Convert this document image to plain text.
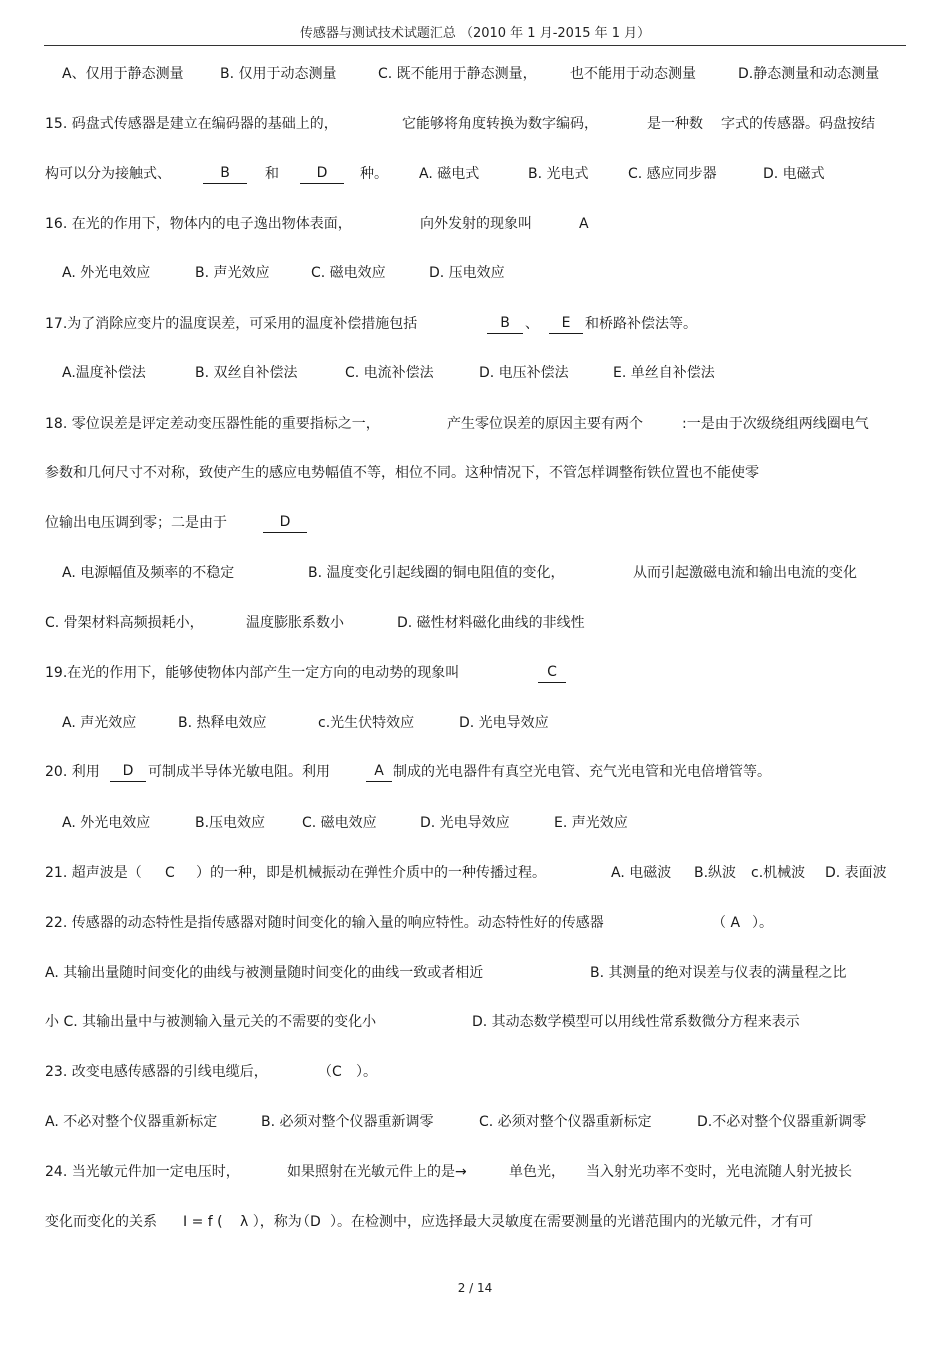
传感器与测试技术试题汇总 （2010 年 1 月-2015 年 1 月）
A、仅用于静态测量	B. 仅用于动态测量	C. 既不能用于静态测量， 也不能用于动态测量	D.静态测量和动态测量
15. 码盘式传感器是建立在编码器的基础上的，	它能够将角度转换为数字编码，	是一种数 字式的传感器。码盘按结
构可以分为接触式、	B	和	D	种。 A. 磁电式	B. 光电式	C. 感应同步器	D. 电磁式
16. 在光的作用下，物体内的电子逸出物体表面，	向外发射的现象叫	A
A. 外光电效应	B. 声光效应	C. 磁电效应	D. 压电效应
17.为了消除应变片的温度误差，可采用的温度补偿措施包括	B	、	E	和桥路补偿法等。
A.温度补偿法	B. 双丝自补偿法	C. 电流补偿法	D. 电压补偿法	E. 单丝自补偿法
18. 零位误差是评定差动变压器性能的重要指标之一，	产生零位误差的原因主要有两个	:一是由于次级绕组两线圈电气
参数和几何尺寸不对称，致使产生的感应电势幅值不等，相位不同。这种情况下，不管怎样调整衔铁位置也不能使零
位输出电压调到零；二是由于	D
A. 电源幅值及频率的不稳定	B. 温度变化引起线圈的铜电阻值的变化，	从而引起激磁电流和输出电流的变化
C. 骨架材料高频损耗小，	温度膨胀系数小	D. 磁性材料磁化曲线的非线性
19.在光的作用下，能够使物体内部产生一定方向的电动势的现象叫	C
A. 声光效应	B. 热释电效应	c.光生伏特效应	D. 光电导效应
20. 利用	D	可制成半导体光敏电阻。利用	A 制成的光电器件有真空光电管、充气光电管和光电倍增管等。
A. 外光电效应	B.压电效应	C. 磁电效应	D. 光电导效应	E. 声光效应
21. 超声波是（ C ）的一种，即是机械振动在弹性介质中的一种传播过程。	A. 电磁波 B.纵波 c.机械波 D. 表面波
22. 传感器的动态特性是指传感器对随时间变化的输入量的响应特性。动态特性好的传感器	（ A ）。
A. 其输出量随时间变化的曲线与被测量随时间变化的曲线一致或者相近	B. 其测量的绝对误差与仪表的满量程之比
小 C. 其输出量中与被测输入量元关的不需要的变化小	D. 其动态数学模型可以用线性常系数微分方程来表示
23. 改变电感传感器的引线电缆后，	（C ）。
A. 不必对整个仪器重新标定	B. 必须对整个仪器重新调零	C. 必须对整个仪器重新标定	D.不必对整个仪器重新调零
24. 当光敏元件加一定电压时，	如果照射在光敏元件上的是→	单色光， 当入射光功率不变时，光电流随人射光披长
变化而变化的关系 I = f ( λ ），称为
（D ）。在检测中，应选择最大灵敏度在需要测量的光谱范围内的光敏元件，才有可
2 / 14
